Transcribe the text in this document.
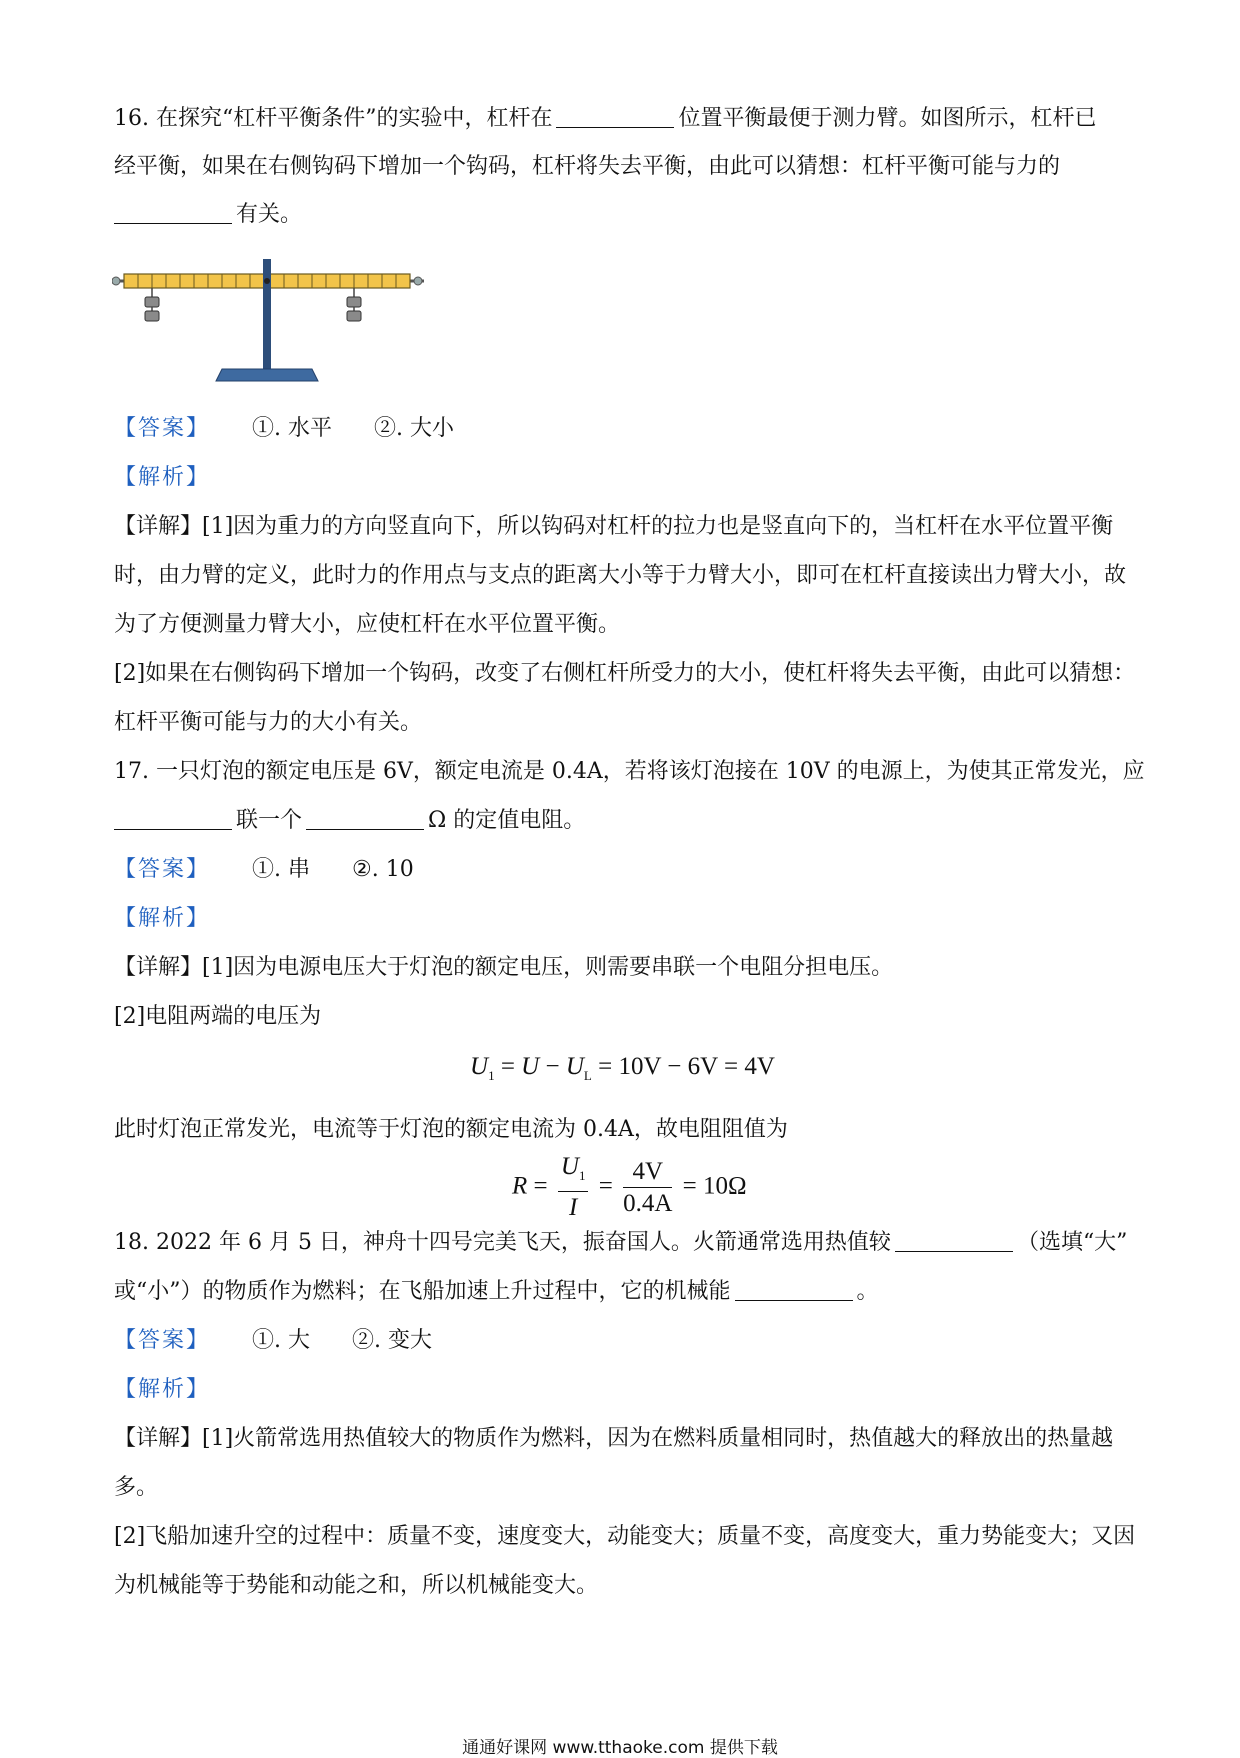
16. 在探究“杠杆平衡条件”的实验中，杠杆在	位置平衡最便于测力臂。如图所示，杠杆已
经平衡，如果在右侧钩码下增加一个钩码，杠杆将失去平衡，由此可以猜想：杠杆平衡可能与力的
有关。
【答案】 ①. 水平 ②. 大小
【解析】
【详解】[1]因为重力的方向竖直向下，所以钩码对杠杆的拉力也是竖直向下的，当杠杆在水平位置平衡
时，由力臂的定义，此时力的作用点与支点的距离大小等于力臂大小，即可在杠杆直接读出力臂大小，故
为了方便测量力臂大小，应使杠杆在水平位置平衡。
[2]如果在右侧钩码下增加一个钩码，改变了右侧杠杆所受力的大小，使杠杆将失去平衡，由此可以猜想：
杠杆平衡可能与力的大小有关。
17. 一只灯泡的额定电压是 6V，额定电流是 0.4A，若将该灯泡接在 10V 的电源上，为使其正常发光，应
联一个	Ω 的定值电阻。
【答案】 ①. 串 ②. 10
【解析】
【详解】[1]因为电源电压大于灯泡的额定电压，则需要串联一个电阻分担电压。
[2]电阻两端的电压为
$U_1 = U - U_L = 10V - 6V = 4V$
此时灯泡正常发光，电流等于灯泡的额定电流为 0.4A，故电阻阻值为
$R = \frac{U_1}{I} = \frac{4V}{0.4A} = 10\Omega$
18. 2022 年 6 月 5 日，神舟十四号完美飞天，振奋国人。火箭通常选用热值较	（选填“大”
或“小”）的物质作为燃料；在飞船加速上升过程中，它的机械能	。
【答案】 ①. 大 ②. 变大
【解析】
【详解】[1]火箭常选用热值较大的物质作为燃料，因为在燃料质量相同时，热值越大的释放出的热量越
多。
[2]飞船加速升空的过程中：质量不变，速度变大，动能变大；质量不变，高度变大，重力势能变大；又因
为机械能等于势能和动能之和，所以机械能变大。
通通好课网 www.tthaoke.com 提供下载
